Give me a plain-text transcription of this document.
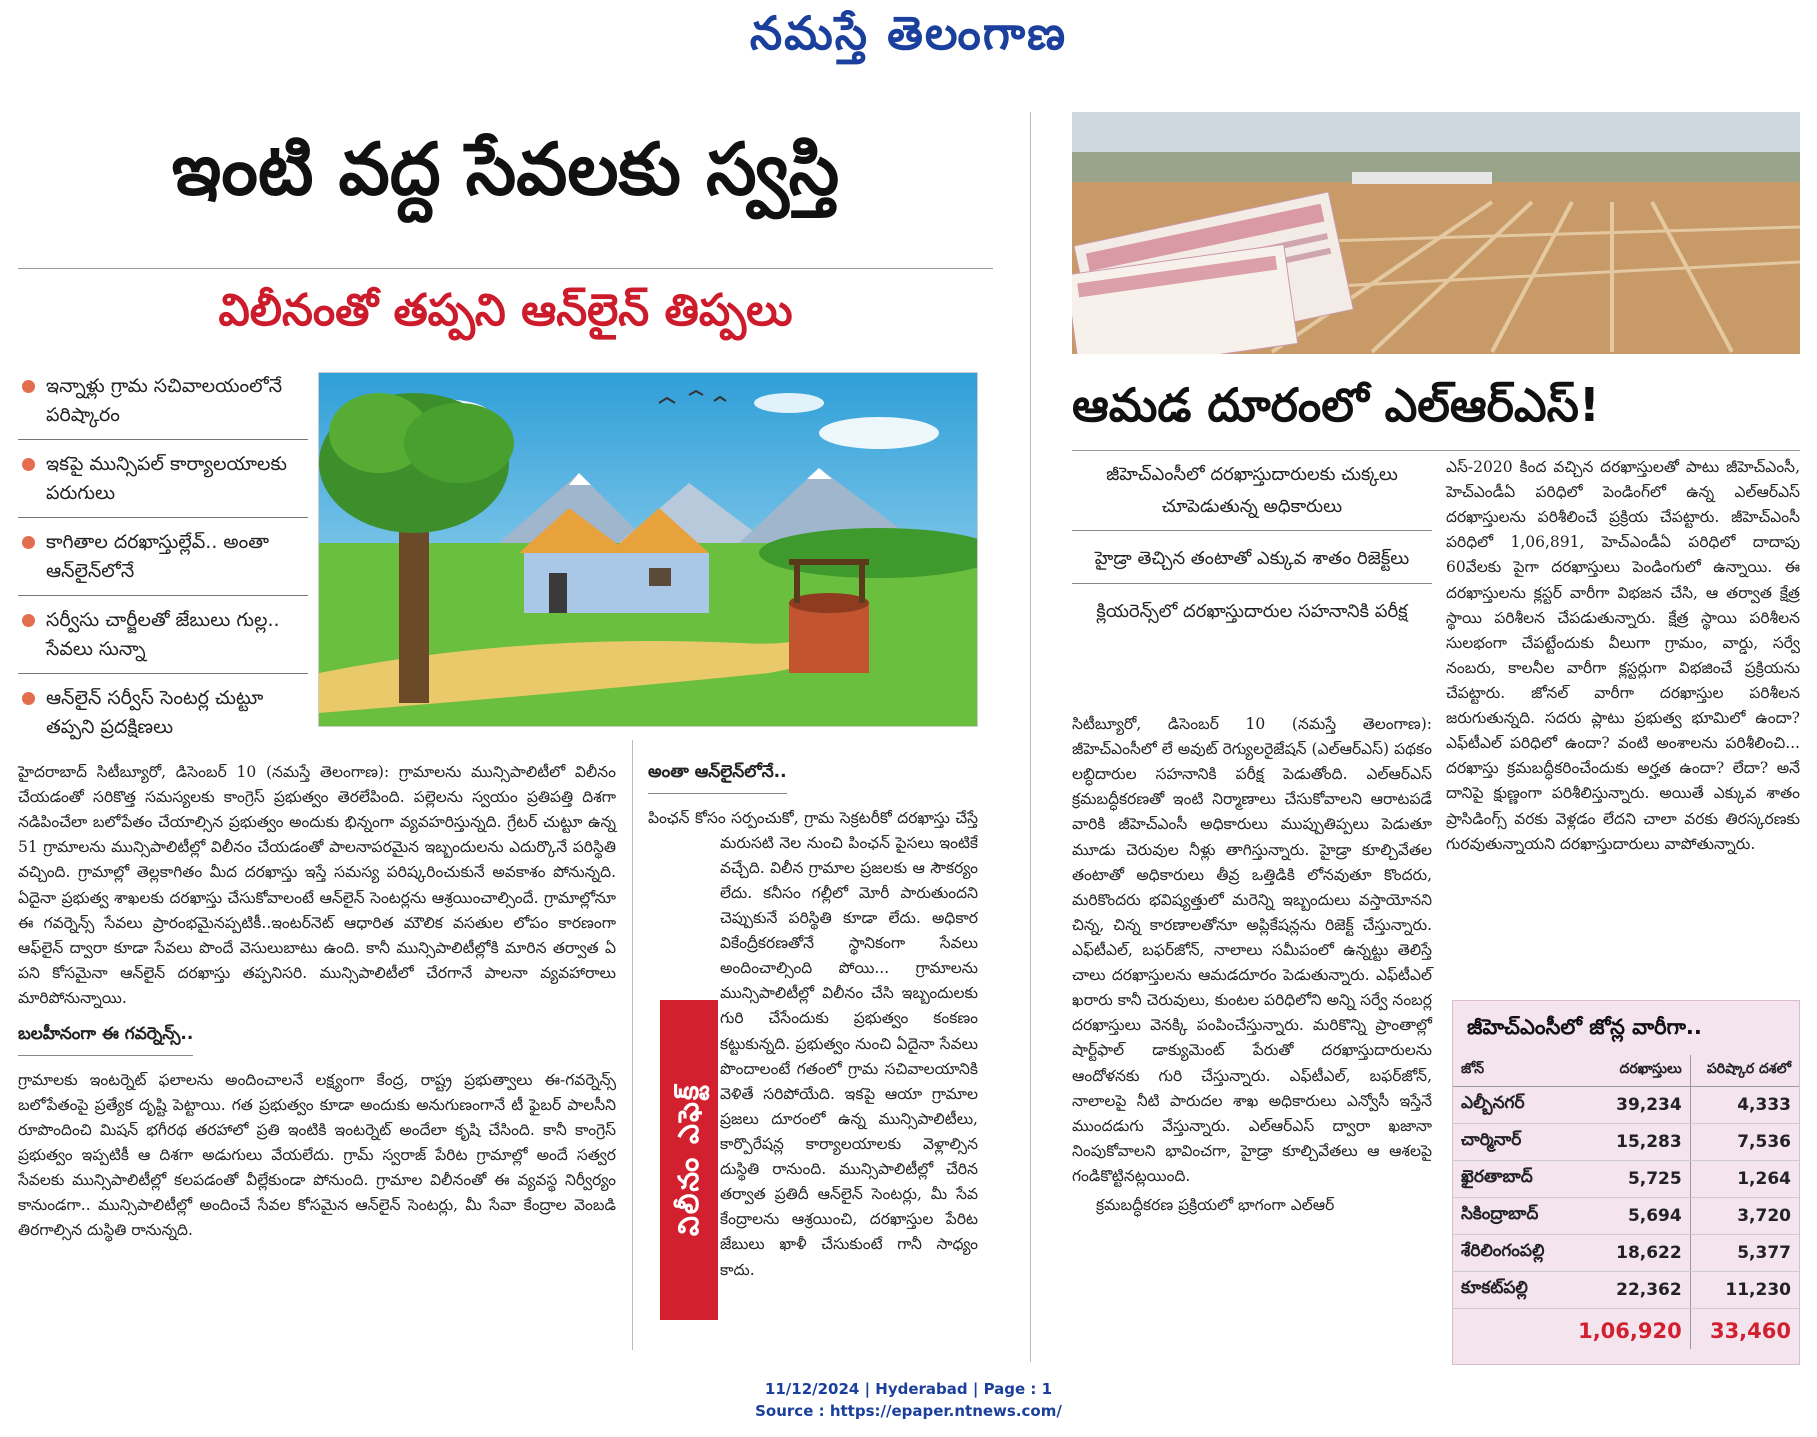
నమస్తే తెలంగాణ
ఇంటి వద్ద సేవలకు స్వస్తి
విలీనంతో తప్పని ఆన్‌లైన్ తిప్పలు
ఇన్నాళ్లు గ్రామ సచివాలయంలోనే పరిష్కారం
ఇకపై మున్సిపల్ కార్యాలయాలకు పరుగులు
కాగితాల దరఖాస్తుల్లేవ్.. అంతా ఆన్‌లైన్‌లోనే
సర్వీసు చార్జీలతో జేబులు గుల్ల.. సేవలు సున్నా
ఆన్‌లైన్ సర్వీస్ సెంటర్ల చుట్టూ తప్పని ప్రదక్షిణలు

హైదరాబాద్ సిటీబ్యూరో, డిసెంబర్ 10 (నమస్తే తెలంగాణ): గ్రామాలను మున్సిపాలిటీలో విలీనం చేయడంతో సరికొత్త సమస్యలకు కాంగ్రెస్ ప్రభుత్వం తెరలేపింది. పల్లెలను స్వయం ప్రతిపత్తి దిశగా నడిపించేలా బలోపేతం చేయాల్సిన ప్రభుత్వం అందుకు భిన్నంగా వ్యవహరిస్తున్నది. గ్రేటర్ చుట్టూ ఉన్న 51 గ్రామాలను మున్సిపాలిటీల్లో విలీనం చేయడంతో పాలనాపరమైన ఇబ్బందులను ఎదుర్కొనే పరిస్థితి వచ్చింది. గ్రామాల్లో తెల్లకాగితం మీద దరఖాస్తు ఇస్తే సమస్య పరిష్కరించుకునే అవకాశం పోనున్నది. ఏదైనా ప్రభుత్వ శాఖలకు దరఖాస్తు చేసుకోవాలంటే ఆన్‌లైన్ సెంటర్లను ఆశ్రయించాల్సిందే. గ్రామాల్లోనూ ఈ గవర్నెన్స్ సేవలు ప్రారంభమైనప్పటికీ..ఇంటర్‌నెట్ ఆధారిత మౌలిక వసతుల లోపం కారణంగా ఆఫ్‌లైన్ ద్వారా కూడా సేవలు పొందే వెసులుబాటు ఉంది. కానీ మున్సిపాలిటీల్లోకి మారిన తర్వాత ఏ పని కోసమైనా ఆన్‌లైన్ దరఖాస్తు తప్పనిసరి. మున్సిపాలిటీలో చేరగానే పాలనా వ్యవహారాలు మారిపోనున్నాయి.

బలహీనంగా ఈ గవర్నెన్స్..

గ్రామాలకు ఇంటర్నెట్ ఫలాలను అందించాలనే లక్ష్యంగా కేంద్ర, రాష్ట్ర ప్రభుత్వాలు ఈ-గవర్నెన్స్ బలోపేతంపై ప్రత్యేక దృష్టి పెట్టాయి. గత ప్రభుత్వం కూడా అందుకు అనుగుణంగానే టీ ఫైబర్ పాలసీని రూపొందించి మిషన్ భగీరథ తరహాలో ప్రతి ఇంటికి ఇంటర్నెట్ అందేలా కృషి చేసింది. కానీ కాంగ్రెస్ ప్రభుత్వం ఇప్పటికీ ఆ దిశగా అడుగులు వేయలేదు. గ్రామ్ స్వరాజ్ పేరిట గ్రామాల్లో అందే సత్వర సేవలకు మున్సిపాలిటీల్లో కలపడంతో వీల్లేకుండా పోనుంది. గ్రామాల విలీనంతో ఈ వ్యవస్థ నిర్వీర్యం కానుండగా.. మున్సిపాలిటీల్లో అందించే సేవల కోసమైన ఆన్‌లైన్ సెంటర్లు, మీ సేవా కేంద్రాల వెంబడి తిరగాల్సిన దుస్థితి రానున్నది.

అంతా ఆన్‌లైన్‌లోనే..

పింఛన్ కోసం సర్పంచుకో, గ్రామ సెక్రటరీకో దరఖాస్తు చేస్తే మరుసటి నెల నుంచి పింఛన్ పైసలు ఇంటికే వచ్చేది. విలీన గ్రామాల ప్రజలకు ఆ సౌకర్యం లేదు. కనీసం గల్లీలో మోరీ పారుతుందని చెప్పుకునే పరిస్థితి కూడా లేదు. అధికార వికేంద్రీకరణతోనే స్థానికంగా సేవలు అందించాల్సింది పోయి... గ్రామాలను మున్సిపాలిటీల్లో విలీనం చేసి ఇబ్బందులకు గురి చేసేందుకు ప్రభుత్వం కంకణం కట్టుకున్నది. ప్రభుత్వం నుంచి ఏదైనా సేవలు పొందాలంటే గతంలో గ్రామ సచివాలయానికి వెళితే సరిపోయేది. ఇకపై ఆయా గ్రామాల ప్రజలు దూరంలో ఉన్న మున్సిపాలిటీలు, కార్పొరేషన్ల కార్యాలయాలకు వెళ్లాల్సిన దుస్థితి రానుంది. మున్సిపాలిటీల్లో చేరిన తర్వాత ప్రతిదీ ఆన్‌లైన్ సెంటర్లు, మీ సేవ కేంద్రాలను ఆశ్రయించి, దరఖాస్తుల పేరిట జేబులు ఖాళీ చేసుకుంటే గానీ సాధ్యం కాదు.

విలీనం ఎఫెక్ట్
ఆమడ దూరంలో ఎల్ఆర్ఎస్!
జీహెచ్ఎంసీలో దరఖాస్తుదారులకు చుక్కలు చూపెడుతున్న అధికారులు
హైడ్రా తెచ్చిన తంటాతో ఎక్కువ శాతం రిజెక్ట్‌లు
క్లియరెన్స్‌లో దరఖాస్తుదారుల సహనానికి పరీక్ష

సిటీబ్యూరో, డిసెంబర్ 10 (నమస్తే తెలంగాణ): జీహెచ్ఎంసీలో లే అవుట్ రెగ్యులరైజేషన్ (ఎల్ఆర్ఎస్) పథకం లబ్ధిదారుల సహనానికి పరీక్ష పెడుతోంది. ఎల్ఆర్ఎస్ క్రమబద్ధీకరణతో ఇంటి నిర్మాణాలు చేసుకోవాలని ఆరాటపడే వారికి జీహెచ్ఎంసీ అధికారులు ముప్పుతిప్పలు పెడుతూ మూడు చెరువుల నీళ్లు తాగిస్తున్నారు. హైడ్రా కూల్చివేతల తంటాతో అధికారులు తీవ్ర ఒత్తిడికి లోనవుతూ కొందరు, మరికొందరు భవిష్యత్తులో మరెన్ని ఇబ్బందులు వస్తాయోనని చిన్న, చిన్న కారణాలతోనూ అప్లికేషన్లను రిజెక్ట్ చేస్తున్నారు. ఎఫ్‌టీఎల్, బఫర్‌జోన్, నాలాలు సమీపంలో ఉన్నట్టు తెలిస్తే చాలు దరఖాస్తులను ఆమడదూరం పెడుతున్నారు. ఎఫ్‌టీఎల్ ఖరారు కానీ చెరువులు, కుంటల పరిధిలోని అన్ని సర్వే నంబర్ల దరఖాస్తులు వెనక్కి పంపించేస్తున్నారు. మరికొన్ని ప్రాంతాల్లో షార్ట్‌ఫాల్ డాక్యుమెంట్ పేరుతో దరఖాస్తుదారులను ఆందోళనకు గురి చేస్తున్నారు. ఎఫ్‌టీఎల్, బఫర్‌జోన్, నాలాలపై నీటి పారుదల శాఖ అధికారులు ఎన్వోసీ ఇస్తేనే ముందడుగు వేస్తున్నారు. ఎల్ఆర్ఎస్ ద్వారా ఖజానా నింపుకోవాలని భావించగా, హైడ్రా కూల్చివేతలు ఆ ఆశలపై గండికొట్టినట్లయింది.

క్రమబద్ధీకరణ ప్రక్రియలో భాగంగా ఎల్ఆర్

ఎస్-2020 కింద వచ్చిన దరఖాస్తులతో పాటు జీహెచ్ఎంసీ, హెచ్ఎండీఏ పరిధిలో పెండింగ్‌లో ఉన్న ఎల్ఆర్ఎస్ దరఖాస్తులను పరిశీలించే ప్రక్రియ చేపట్టారు. జీహెచ్ఎంసీ పరిధిలో 1,06,891, హెచ్ఎండీఏ పరిధిలో దాదాపు 60వేలకు పైగా దరఖాస్తులు పెండింగులో ఉన్నాయి. ఈ దరఖాస్తులను క్లస్టర్ వారీగా విభజన చేసి, ఆ తర్వాత క్షేత్ర స్థాయి పరిశీలన చేపడుతున్నారు. క్షేత్ర స్థాయి పరిశీలన సులభంగా చేపట్టేందుకు వీలుగా గ్రామం, వార్డు, సర్వే నంబరు, కాలనీల వారీగా క్లస్టర్లుగా విభజించే ప్రక్రియను చేపట్టారు. జోనల్ వారీగా దరఖాస్తుల పరిశీలన జరుగుతున్నది. సదరు ప్లాటు ప్రభుత్వ భూమిలో ఉందా? ఎఫ్‌టీఎల్ పరిధిలో ఉందా? వంటి అంశాలను పరిశీలించి... దరఖాస్తు క్రమబద్ధీకరించేందుకు అర్హత ఉందా? లేదా? అనే దానిపై క్షుణ్ణంగా పరిశీలిస్తున్నారు. అయితే ఎక్కువ శాతం ప్రాసిడింగ్స్ వరకు వెళ్లడం లేదని చాలా వరకు తిరస్కరణకు గురవుతున్నాయని దరఖాస్తుదారులు వాపోతున్నారు.

జీహెచ్ఎంసీలో జోన్ల వారీగా..
జోన్	దరఖాస్తులు	పరిష్కార దశలో
ఎల్బీనగర్	39,234	4,333
చార్మినార్	15,283	7,536
ఖైరతాబాద్	5,725	1,264
సికింద్రాబాద్	5,694	3,720
శేరిలింగంపల్లి	18,622	5,377
కూకట్‌పల్లి	22,362	11,230
	1,06,920	33,460
11/12/2024 | Hyderabad | Page : 1
Source : https://epaper.ntnews.com/
